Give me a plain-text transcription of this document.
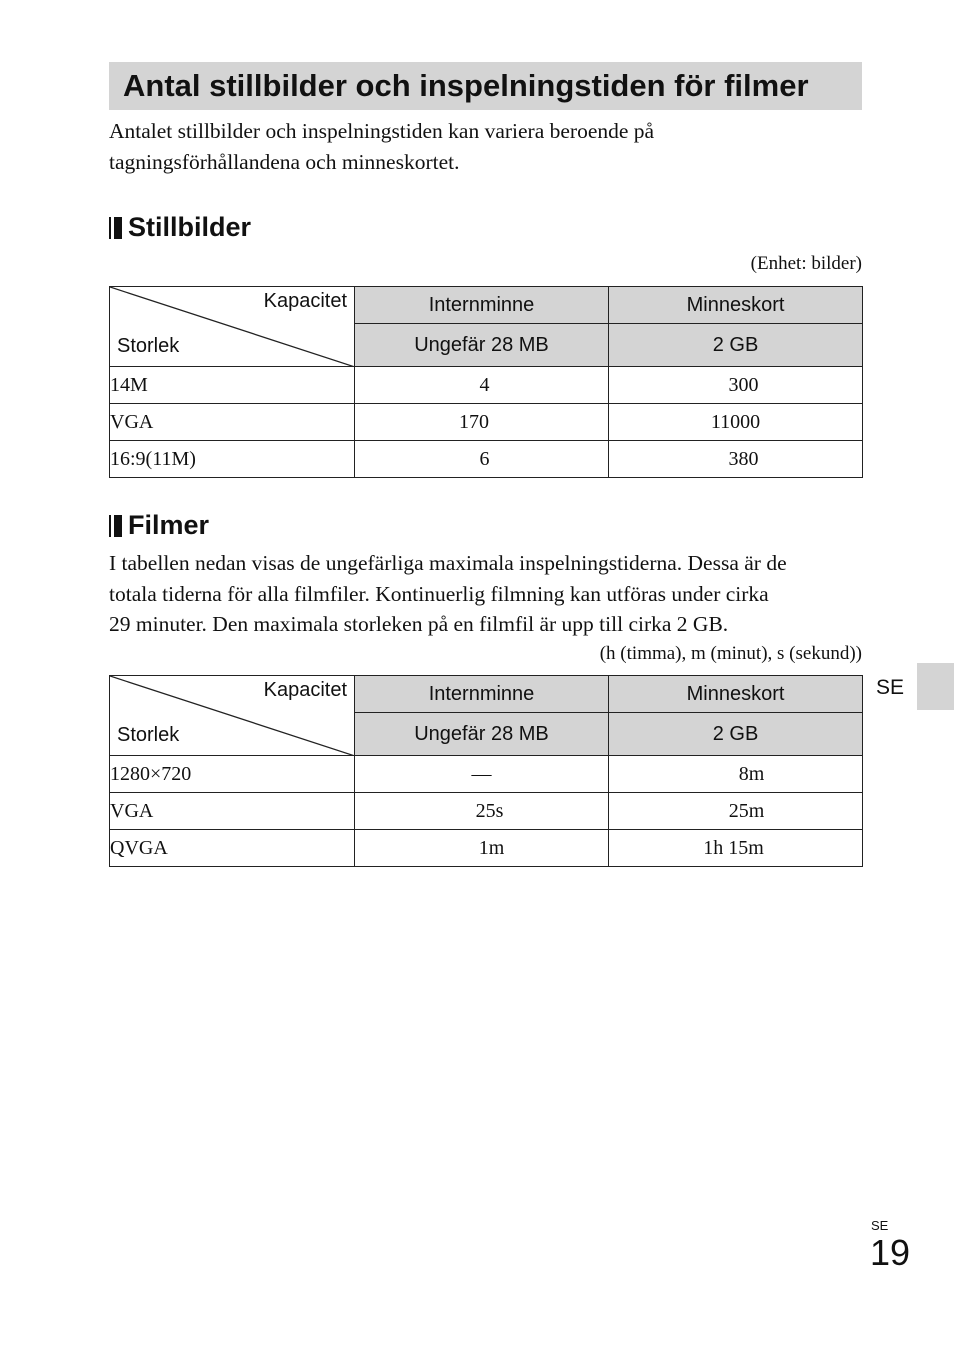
Antal stillbilder och inspelningstiden för filmer

Antalet stillbilder och inspelningstiden kan variera beroende på
tagningsförhållandena och minneskortet.

Stillbilder
(Enhet: bilder)
Kapacitet
Storlek	Internminne	Minneskort
	Ungefär 28 MB	2 GB
14M	4	300
VGA	170	11000
16:9(11M)	6	380
Filmer

I tabellen nedan visas de ungefärliga maximala inspelningstiderna. Dessa är de
totala tiderna för alla filmfiler. Kontinuerlig filmning kan utföras under cirka
29 minuter. Den maximala storleken på en filmfil är upp till cirka 2 GB.

(h (timma), m (minut), s (sekund))
Kapacitet
Storlek	Internminne	Minneskort
	Ungefär 28 MB	2 GB
1280×720	—	8m
VGA	25s	25m
QVGA	1m	1h 15m
SE
SE
19
